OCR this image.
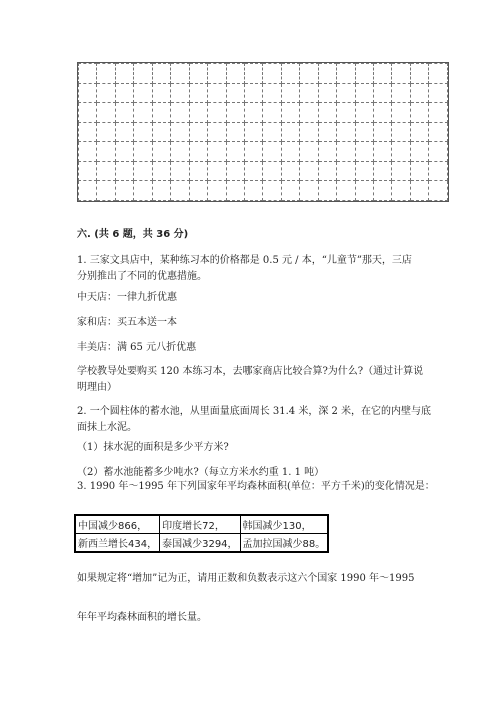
六. (共 6 题，共 36 分)
1. 三家文具店中，某种练习本的价格都是 0.5 元 / 本，“儿童节”那天，三店
分别推出了不同的优惠措施。
中天店：一律九折优惠
家和店：买五本送一本
丰美店：满 65 元八折优惠
学校教导处要购买 120 本练习本，去哪家商店比较合算?为什么?（通过计算说
明理由）
2. 一个圆柱体的蓄水池，从里面量底面周长 31.4 米，深 2 米，在它的内壁与底
面抹上水泥。
（1）抹水泥的面积是多少平方米?
（2）蓄水池能蓄多少吨水?（每立方米水约重 1. 1 吨）
3. 1990 年～1995 年下列国家年平均森林面积(单位：平方千米)的变化情况是：
中国减少866，	印度增长72，	韩国减少130，
新西兰增长434，	泰国减少3294，	孟加拉国减少88。
如果规定将“增加”记为正，请用正数和负数表示这六个国家 1990 年～1995
年年平均森林面积的增长量。
